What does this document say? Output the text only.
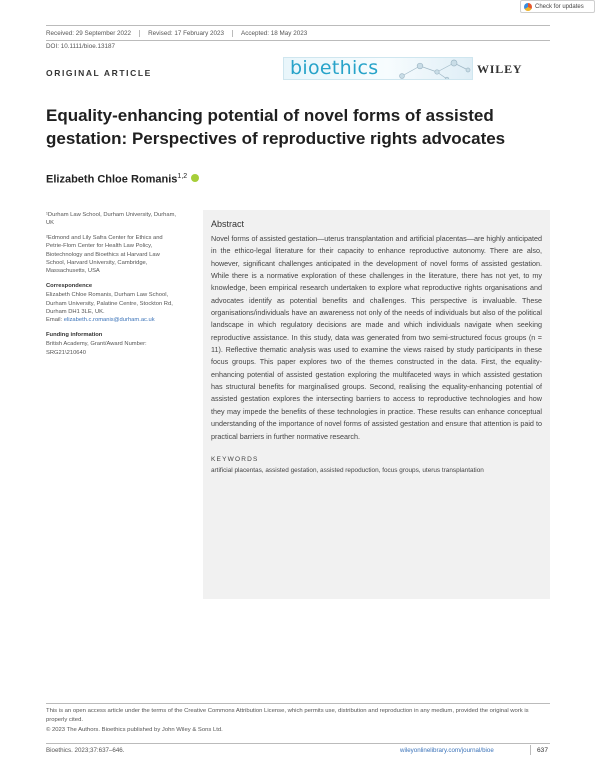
Check for updates
Received: 29 September 2022	Revised: 17 February 2023	Accepted: 18 May 2023
DOI: 10.1111/bioe.13187
ORIGINAL ARTICLE	bioethics	WILEY
Equality-enhancing potential of novel forms of assisted gestation: Perspectives of reproductive rights advocates
Elizabeth Chloe Romanis$^{1,2}$

¹Durham Law School, Durham University, Durham, UK

²Edmond and Lily Safra Center for Ethics and Petrie-Flom Center for Health Law Policy, Biotechnology and Bioethics at Harvard Law School, Harvard University, Cambridge, Massachusetts, USA

Correspondence

Elizabeth Chloe Romanis, Durham Law School, Durham University, Palatine Centre, Stockton Rd, Durham DH1 3LE, UK.

Email: elizabeth.c.romanis@durham.ac.uk

Funding information

British Academy, Grant/Award Number: SRG21\210640

Abstract
Novel forms of assisted gestation—uterus transplantation and artificial placentas—are highly anticipated in the ethico-legal literature for their capacity to enhance reproductive autonomy. There are also, however, significant challenges anticipated in the development of novel forms of assisted gestation. While there is a normative exploration of these challenges in the literature, there has not yet, to my knowledge, been empirical research undertaken to explore what reproductive rights organisations and advocates identify as potential benefits and challenges. This perspective is invaluable. These organisations/individuals have an awareness not only of the needs of individuals but also of the political landscape in which regulatory decisions are made and which individuals navigate when seeking reproductive assistance. In this study, data was generated from two semi-structured focus groups (n = 11). Reflective thematic analysis was used to examine the views raised by study participants in these focus groups. This paper explores two of the themes constructed in the data. First, the equality-enhancing potential of assisted gestation exploring the multifaceted ways in which assisted gestation has structural benefits for marginalised groups. Second, realising the equality-enhancing potential of assisted gestation explores the intersecting barriers to access to reproductive technologies and how they may impede the benefits of these technologies in practice. These results can enhance conceptual understanding of the importance of novel forms of assisted gestation and ensure that attention is paid to practical barriers in further normative research.
KEYWORDS
artificial placentas, assisted gestation, assisted repoduction, focus groups, uterus transplantation
This is an open access article under the terms of the Creative Commons Attribution License, which permits use, distribution and reproduction in any medium, provided the original work is properly cited.
© 2023 The Authors. Bioethics published by John Wiley & Sons Ltd.
Bioethics. 2023;37:637–646.	wileyonlinelibrary.com/journal/bioe	637
